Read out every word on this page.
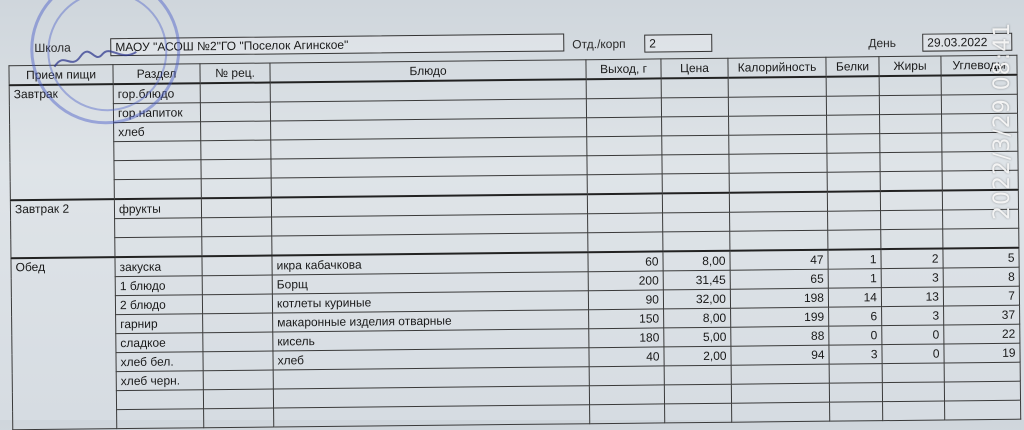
Школа	МАОУ "АСОШ №2"ГО "Поселок Агинское"	Отд./корп	2	День	29.03.2022
Прием пищи	Раздел	№ рец.	Блюдо	Выход, г	Цена	Калорийность	Белки	Жиры	Углеводы
Завтрак	гор.блюдо								
	гор.напиток								
	хлеб								

Завтрак 2	фрукты								

Обед	закуска		икра кабачкова	60	8,00	47	1	2	5
	1 блюдо		Борщ	200	31,45	65	1	3	8
	2 блюдо		котлеты куриные	90	32,00	198	14	13	7
	гарнир		макаронные изделия отварные	150	8,00	199	6	3	37
	сладкое		кисель	180	5,00	88	0	0	22
	хлеб бел.		хлеб	40	2,00	94	3	0	19
	хлеб черн.								

2022/3/29 08:41
